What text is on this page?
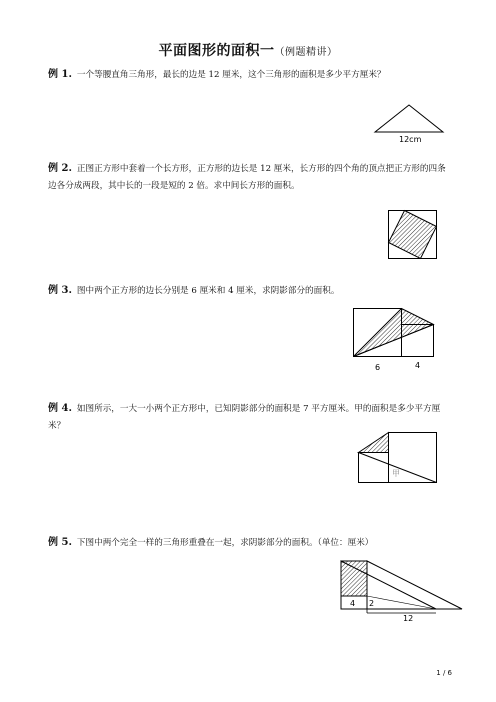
平面图形的面积一（例题精讲）
例 1. 一个等腰直角三角形，最长的边是 12 厘米，这个三角形的面积是多少平方厘米？
12cm
例 2. 正图正方形中套着一个长方形，正方形的边长是 12 厘米，长方形的四个角的顶点把正方形的四条边各分成两段，其中长的一段是短的 2 倍。求中间长方形的面积。
例 3. 图中两个正方形的边长分别是 6 厘米和 4 厘米，求阴影部分的面积。
6	4
例 4. 如图所示，一大一小两个正方形中，已知阴影部分的面积是 7 平方厘米。甲的面积是多少平方厘米？
甲
例 5. 下图中两个完全一样的三角形重叠在一起，求阴影部分的面积。（单位：厘米）
4 2
12
1 / 6
